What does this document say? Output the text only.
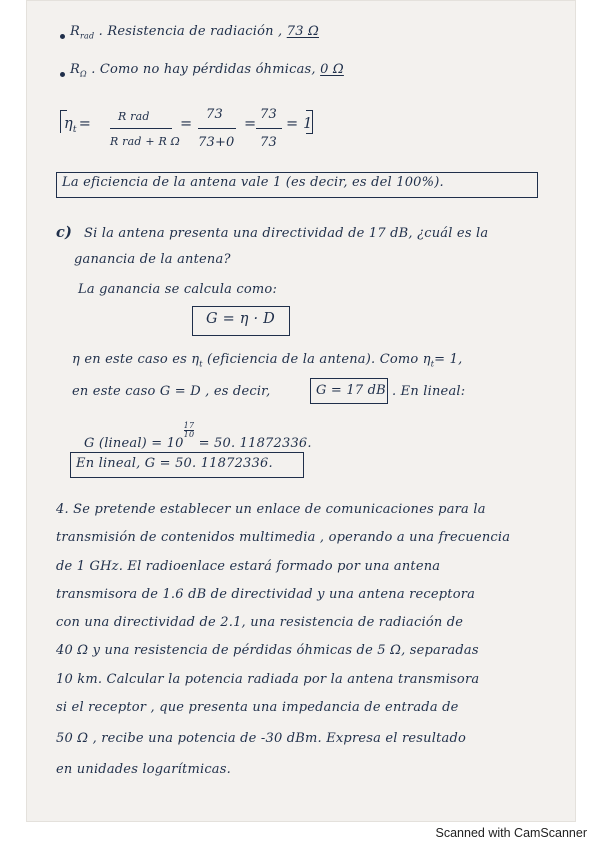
$R_{rad}$ . Resistencia de radiación , 73 Ω
$R_\Omega$ . Como no hay pérdidas óhmicas, 0 Ω
$\eta_t = R$ rad
R rad + R Ω
=
73
73+0
=
73
73
= 1
La eficiencia de la antena vale 1 (es decir, es del 100%).
c) Si la antena presenta una directividad de 17 dB, ¿cuál es la
ganancia de la antena?
La ganancia se calcula como:
G = η · D
η en este caso es $\eta_t$ (eficiencia de la antena). Como $\eta_t= 1$,
en este caso G = D , es decir,	G = 17 dB . En lineal:
G (lineal) = 10
$\frac{17}{10}$
= 50. 11872336.
En lineal, G = 50. 11872336.
4. Se pretende establecer un enlace de comunicaciones para la
transmisión de contenidos multimedia , operando a una frecuencia
de 1 GHz. El radioenlace estará formado por una antena
transmisora de 1.6 dB de directividad y una antena receptora
con una directividad de 2.1, una resistencia de radiación de
40 Ω y una resistencia de pérdidas óhmicas de 5 Ω, separadas
10 km. Calcular la potencia radiada por la antena transmisora
si el receptor , que presenta una impedancia de entrada de
50 Ω , recibe una potencia de -30 dBm. Expresa el resultado
en unidades logarítmicas.
Scanned with CamScanner
